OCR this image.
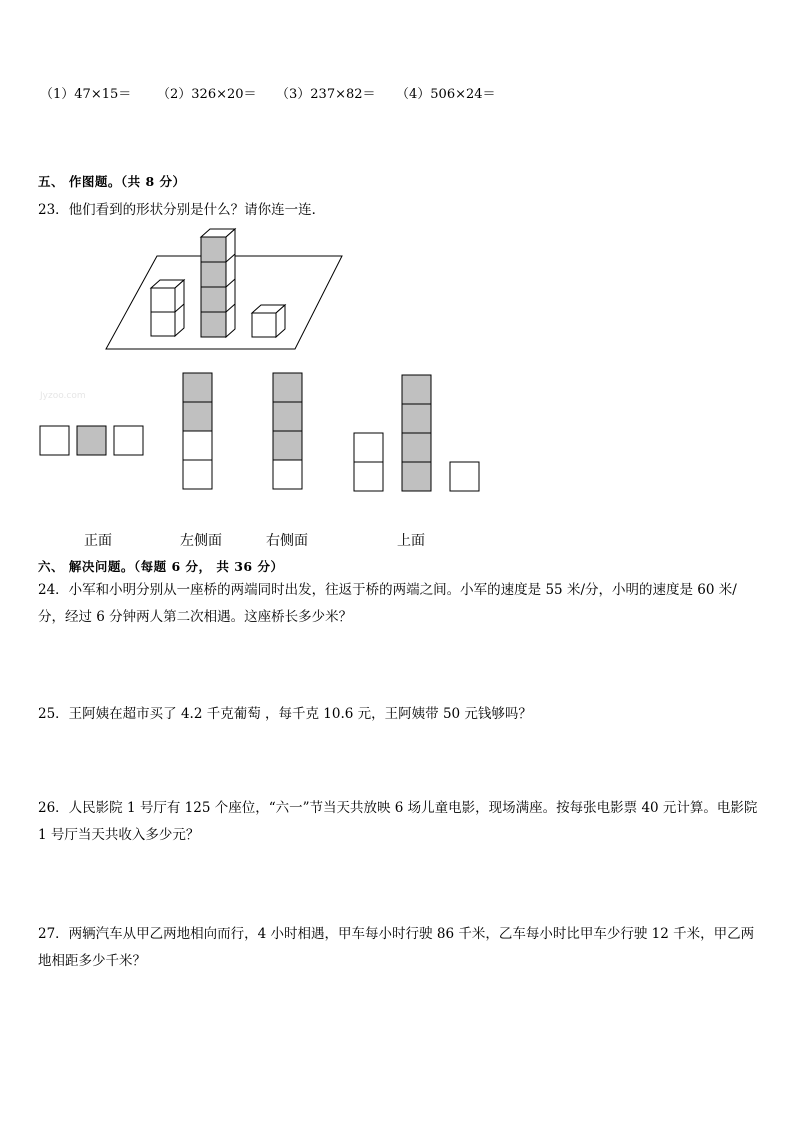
（1）47×15＝ （2）326×20＝ （3）237×82＝ （4）506×24＝
五、 作图题。（共 8 分）
23．他们看到的形状分别是什么？请你连一连．
Jyzoo.com
正面	左侧面	右侧面	上面
六、 解决问题。（每题 6 分， 共 36 分）
24．小军和小明分别从一座桥的两端同时出发，往返于桥的两端之间。小军的速度是 55 米/分，小明的速度是 60 米/分，经过 6 分钟两人第二次相遇。这座桥长多少米？
25．王阿姨在超市买了 4.2 千克葡萄 ，每千克 10.6 元，王阿姨带 50 元钱够吗？
26．人民影院 1 号厅有 125 个座位，“六一”节当天共放映 6 场儿童电影，现场满座。按每张电影票 40 元计算。电影院 1 号厅当天共收入多少元？
27．两辆汽车从甲乙两地相向而行，4 小时相遇，甲车每小时行驶 86 千米，乙车每小时比甲车少行驶 12 千米，甲乙两地相距多少千米？
